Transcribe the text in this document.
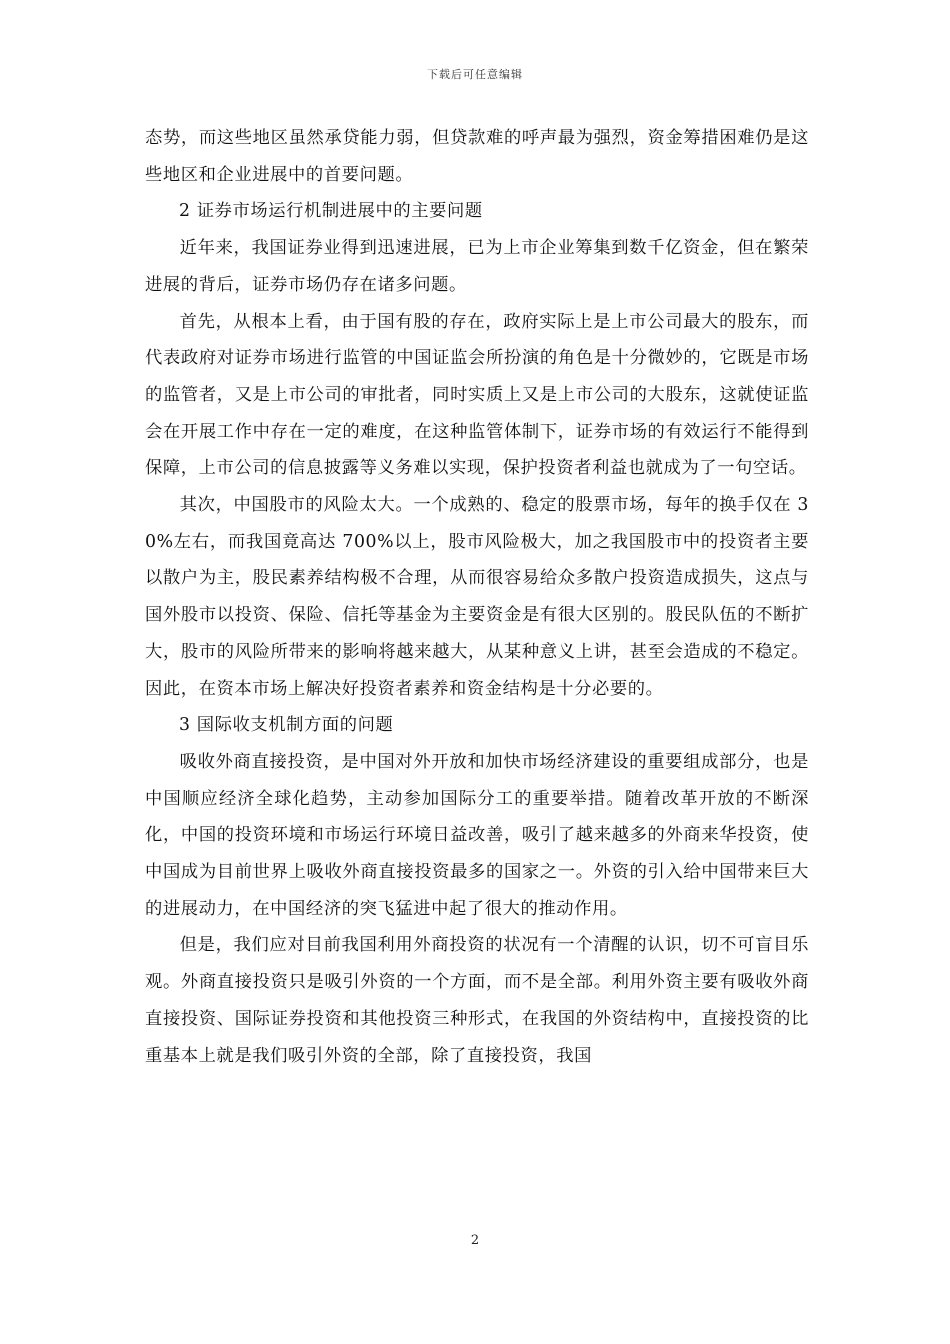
下载后可任意编辑

态势，而这些地区虽然承贷能力弱，但贷款难的呼声最为强烈，资金筹措困难仍是这些地区和企业进展中的首要问题。

2 证券市场运行机制进展中的主要问题

近年来，我国证券业得到迅速进展，已为上市企业筹集到数千亿资金，但在繁荣进展的背后，证券市场仍存在诸多问题。

首先，从根本上看，由于国有股的存在，政府实际上是上市公司最大的股东，而代表政府对证券市场进行监管的中国证监会所扮演的角色是十分微妙的，它既是市场的监管者，又是上市公司的审批者，同时实质上又是上市公司的大股东，这就使证监会在开展工作中存在一定的难度，在这种监管体制下，证券市场的有效运行不能得到保障，上市公司的信息披露等义务难以实现，保护投资者利益也就成为了一句空话。

其次，中国股市的风险太大。一个成熟的、稳定的股票市场，每年的换手仅在 30%左右，而我国竟高达 700%以上，股市风险极大，加之我国股市中的投资者主要以散户为主，股民素养结构极不合理，从而很容易给众多散户投资造成损失，这点与国外股市以投资、保险、信托等基金为主要资金是有很大区别的。股民队伍的不断扩大，股市的风险所带来的影响将越来越大，从某种意义上讲，甚至会造成的不稳定。因此，在资本市场上解决好投资者素养和资金结构是十分必要的。

3 国际收支机制方面的问题

吸收外商直接投资，是中国对外开放和加快市场经济建设的重要组成部分，也是中国顺应经济全球化趋势，主动参加国际分工的重要举措。随着改革开放的不断深化，中国的投资环境和市场运行环境日益改善，吸引了越来越多的外商来华投资，使中国成为目前世界上吸收外商直接投资最多的国家之一。外资的引入给中国带来巨大的进展动力，在中国经济的突飞猛进中起了很大的推动作用。

但是，我们应对目前我国利用外商投资的状况有一个清醒的认识，切不可盲目乐观。外商直接投资只是吸引外资的一个方面，而不是全部。利用外资主要有吸收外商直接投资、国际证券投资和其他投资三种形式，在我国的外资结构中，直接投资的比重基本上就是我们吸引外资的全部，除了直接投资，我国

2
